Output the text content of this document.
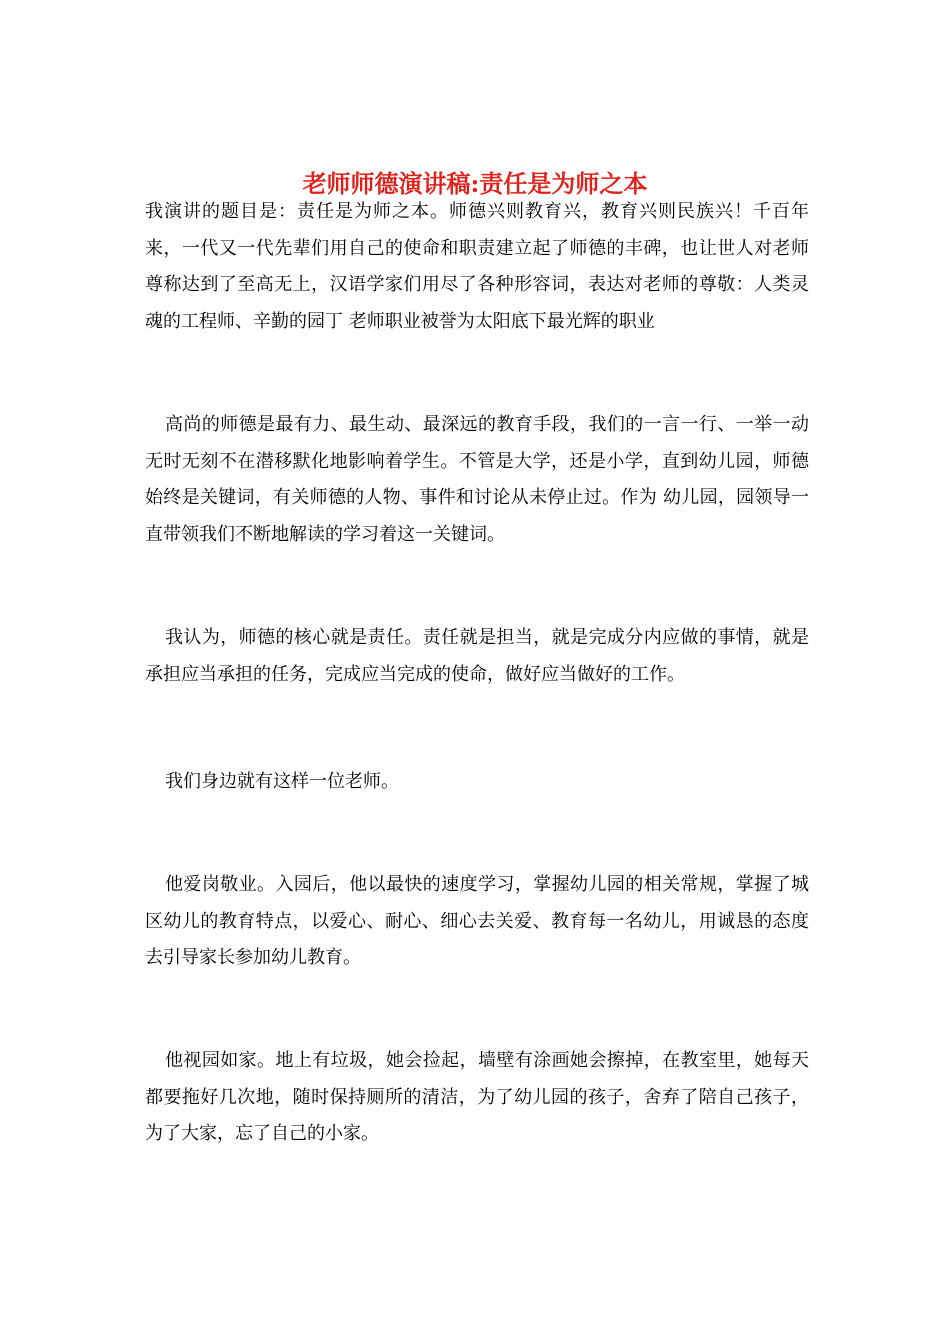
老师师德演讲稿:责任是为师之本

我演讲的题目是：责任是为师之本。师德兴则教育兴，教育兴则民族兴！千百年来，一代又一代先辈们用自己的使命和职责建立起了师德的丰碑，也让世人对老师尊称达到了至高无上，汉语学家们用尽了各种形容词，表达对老师的尊敬：人类灵魂的工程师、辛勤的园丁 老师职业被誉为太阳底下最光辉的职业

高尚的师德是最有力、最生动、最深远的教育手段，我们的一言一行、一举一动无时无刻不在潜移默化地影响着学生。不管是大学，还是小学，直到幼儿园，师德始终是关键词，有关师德的人物、事件和讨论从未停止过。作为 幼儿园，园领导一直带领我们不断地解读的学习着这一关键词。

我认为，师德的核心就是责任。责任就是担当，就是完成分内应做的事情，就是承担应当承担的任务，完成应当完成的使命，做好应当做好的工作。

我们身边就有这样一位老师。

他爱岗敬业。入园后，他以最快的速度学习，掌握幼儿园的相关常规，掌握了城区幼儿的教育特点，以爱心、耐心、细心去关爱、教育每一名幼儿，用诚恳的态度去引导家长参加幼儿教育。

他视园如家。地上有垃圾，她会捡起，墙壁有涂画她会擦掉，在教室里，她每天都要拖好几次地，随时保持厕所的清洁，为了幼儿园的孩子，舍弃了陪自己孩子，为了大家，忘了自己的小家。
